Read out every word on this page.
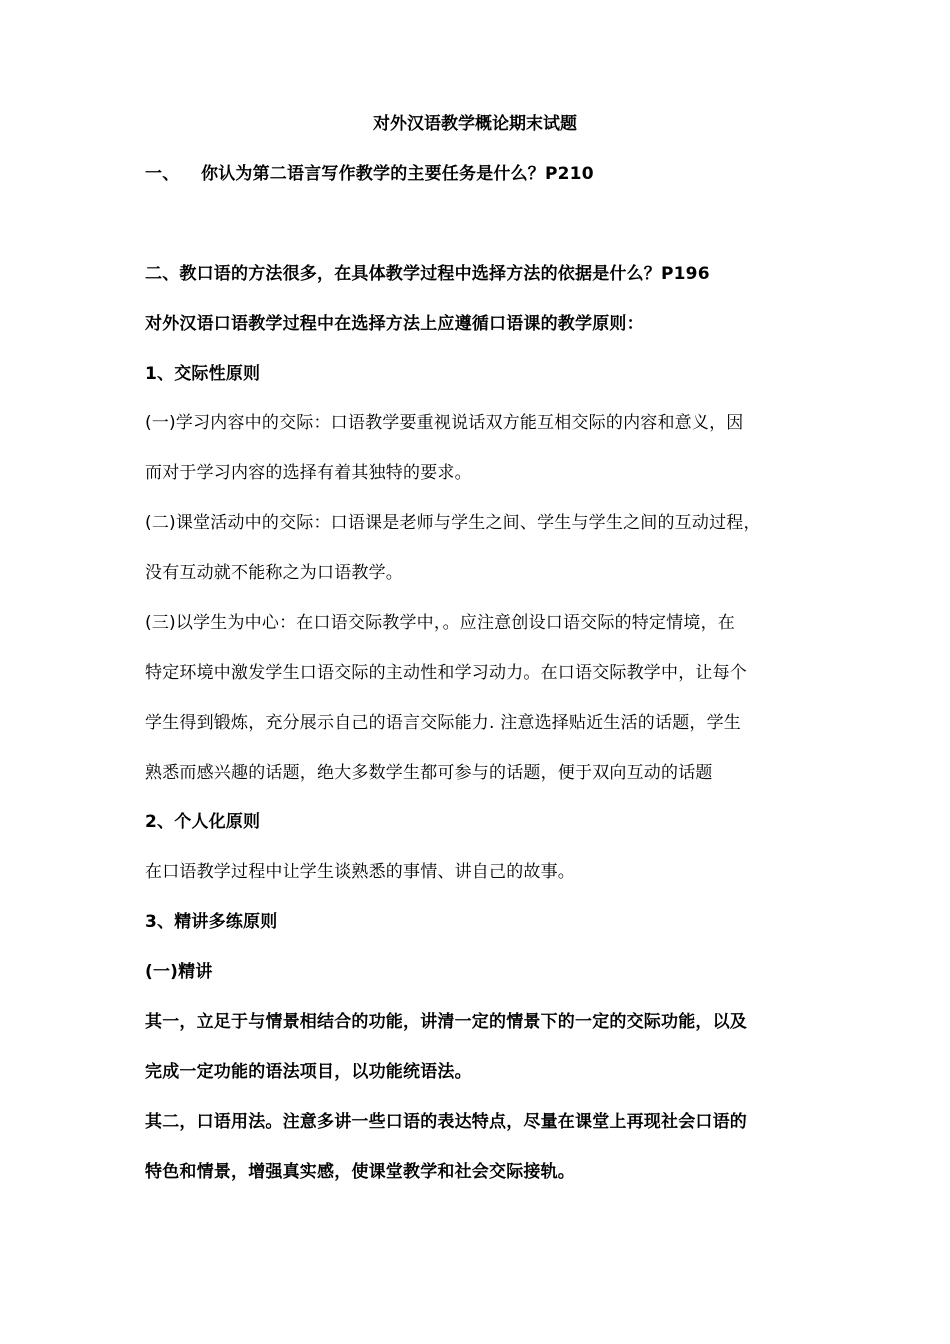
对外汉语教学概论期末试题
一、 你认为第二语言写作教学的主要任务是什么？P210
二、教口语的方法很多，在具体教学过程中选择方法的依据是什么？P196
对外汉语口语教学过程中在选择方法上应遵循口语课的教学原则：
1、交际性原则
(一)学习内容中的交际：口语教学要重视说话双方能互相交际的内容和意义，因
而对于学习内容的选择有着其独特的要求。
(二)课堂活动中的交际：口语课是老师与学生之间、学生与学生之间的互动过程，
没有互动就不能称之为口语教学。
(三)以学生为中心：在口语交际教学中，。应注意创设口语交际的特定情境，在
特定环境中激发学生口语交际的主动性和学习动力。在口语交际教学中，让每个
学生得到锻炼，充分展示自己的语言交际能力. 注意选择贴近生活的话题，学生
熟悉而感兴趣的话题，绝大多数学生都可参与的话题，便于双向互动的话题
2、个人化原则
在口语教学过程中让学生谈熟悉的事情、讲自己的故事。
3、精讲多练原则
(一)精讲
其一，立足于与情景相结合的功能，讲清一定的情景下的一定的交际功能，以及
完成一定功能的语法项目，以功能统语法。
其二，口语用法。注意多讲一些口语的表达特点，尽量在课堂上再现社会口语的
特色和情景，增强真实感，使课堂教学和社会交际接轨。
